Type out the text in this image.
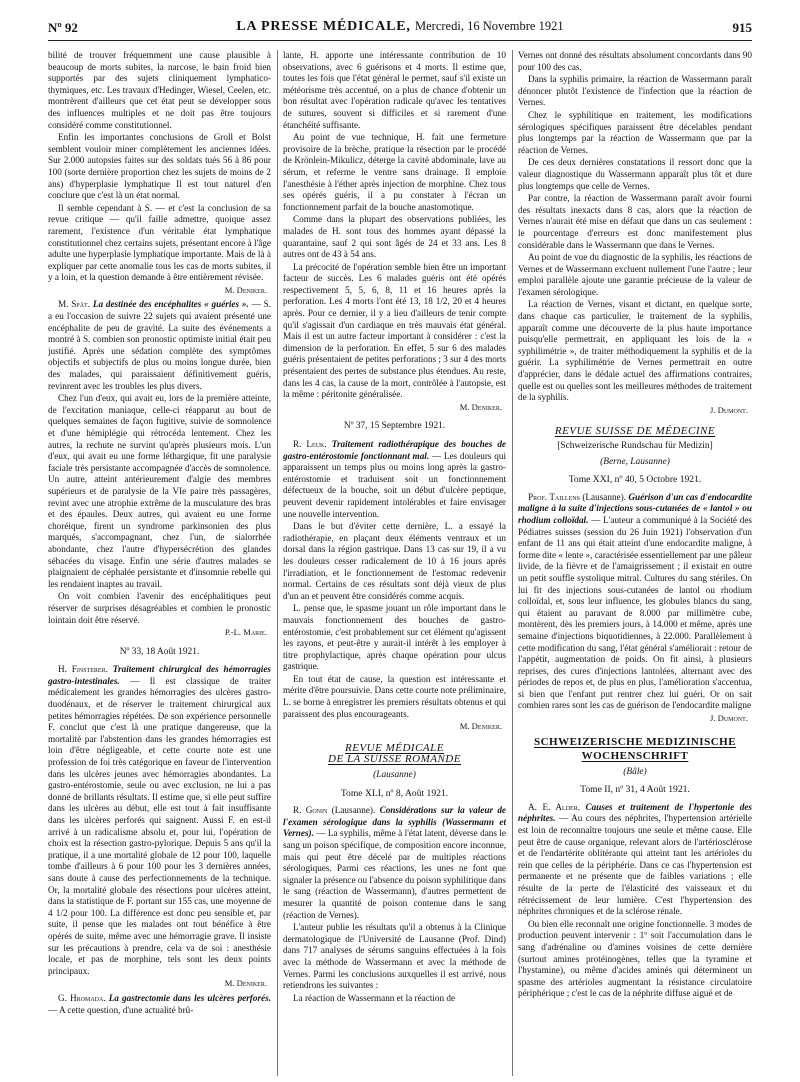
Nº 92	LA PRESSE MÉDICALE, Mercredi, 16 Novembre 1921	915

bilité de trouver fréquemment une cause plausible à beaucoup de morts subites, la narcose, le bain froid bien supportés par des sujets cliniquement lymphatico-thymiques, etc. Les travaux d'Hedinger, Wiesel, Ceelen, etc. montrèrent d'ailleurs que cet état peut se développer sous des influences multiples et ne doit pas être toujours considéré comme constitutionnel.

Enfin les importantes conclusions de Groll et Bolst semblent vouloir miner complètement les anciennes idées. Sur 2.000 autopsies faites sur des soldats tués 56 à 86 pour 100 (sorte dernière proportion chez les sujets de moins de 2 ans) d'hyperplasie lymphatique Il est tout naturel d'en conclure que c'est là un état normal.

Il semble cependant à S. — et c'est la conclusion de sa revue critique — qu'il faille admettre, quoique assez rarement, l'existence d'un véritable état lymphatique constitutionnel chez certains sujets, présentant encore à l'âge adulte une hyperplasie lymphatique importante. Mais de là à expliquer par cette anomalie tous les cas de morts subites, il y a loin, et la question demande à être entièrement révisée.

M. Deniker.

M. Spät. La destinée des encéphalites « guéries ». — S. a eu l'occasion de suivre 22 sujets qui avaient présenté une encéphalite de peu de gravité. La suite des événements a montré à S. combien son pronostic optimiste initial était peu justifié. Après une sédation complète des symptômes objectifs et subjectifs de plus ou moins longue durée, bien des malades, qui paraissaient définitivement guéris, revinrent avec les troubles les plus divers.

Chez l'un d'eux, qui avait eu, lors de la première atteinte, de l'excitation maniaque, celle-ci réapparut au bout de quelques semaines de façon fugitive, suivie de somnolence et d'une hémiplégie qui rétrocéda lentement. Chez les autres, la rechute ne survint qu'après plusieurs mois. L'un d'eux, qui avait eu une forme léthargique, fit une paralysie faciale très persistante accompagnée d'accès de somnolence. Un autre, atteint antérieurement d'algie des membres supérieurs et de paralysie de la VIe paire très passagères, revint avec une atrophie extrême de la musculature des bras et des épaules. Deux autres, qui avaient eu une forme choréique, firent un syndrome parkinsonien des plus marqués, s'accompagnant, chez l'un, de sialorrhée abondante, chez l'autre d'hypersécrétion des glandes sébacées du visage. Enfin une série d'autres malades se plaignaient de céphalée persistante et d'insomnie rebelle qui les rendaient inaptes au travail.

On voit combien l'avenir des encéphalitiques peut réserver de surprises désagréables et combien le pronostic lointain doit être réservé.

P.-L. Marie.
Nº 33, 18 Août 1921.

H. Finsterer. Traitement chirurgical des hémorragies gastro-intestinales. — Il est classique de traiter médicalement les grandes hémorragies des ulcères gastro-duodénaux, et de réserver le traitement chirurgical aux petites hémorragies répétées. De son expérience personnelle F. conclut que c'est là une pratique dangereuse, que la mortalité par l'abstention dans les grandes hémorragies est loin d'être négligeable, et cette courte note est une profession de foi très catégorique en faveur de l'intervention dans les ulcères jeunes avec hémorragies abondantes. La gastro-entérostomie, seule ou avec exclusion, ne lui a pas donné de brillants résultats. Il estime que, si elle peut suffire dans les ulcères au début, elle est tout à fait insuffisante dans les ulcères perforés qui saignent. Aussi F. en est-il arrivé à un radicalisme absolu et, pour lui, l'opération de choix est la résection gastro-pylorique. Depuis 5 ans qu'il la pratique, il a une mortalité globale de 12 pour 100, laquelle tombe d'ailleurs à 6 pour 100 pour les 3 dernières années, sans doute à cause des perfectionnements de la technique. Or, la mortalité globale des résections pour ulcères atteint, dans la statistique de F. portant sur 155 cas, une moyenne de 4 1/2 pour 100. La différence est donc peu sensible et, par suite, il pense que les malades ont tout bénéfice à être opérés de suite, même avec une hémorragie grave. Il insiste sur les précautions à prendre, cela va de soi : anesthésie locale, et pas de morphine, tels sont les deux points principaux.

M. Deniker.

G. Hromada. La gastrectomie dans les ulcères perforés. — A cette question, d'une actualité brû-

lante, H. apporte une intéressante contribution de 10 observations, avec 6 guérisons et 4 morts. Il estime que, toutes les fois que l'état général le permet, sauf s'il existe un météorisme très accentué, on a plus de chance d'obtenir un bon résultat avec l'opération radicale qu'avec les tentatives de sutures, souvent si difficiles et si rarement d'une étanchéité suffisante.

Au point de vue technique, H. fait une fermeture provisoire de la brèche, pratique la résection par le procédé de Krönlein-Mikulicz, déterge la cavité abdominale, lave au sérum, et referme le ventre sans drainage. Il emploie l'anesthésie à l'éther après injection de morphine. Chez tous ses opérés guéris, il a pu constater à l'écran un fonctionnement parfait de la bouche anastomotique.

Comme dans la plupart des observations publiées, les malades de H. sont tous des hommes ayant dépassé la quarantaine, sauf 2 qui sont âgés de 24 et 33 ans. Les 8 autres ont de 43 à 54 ans.

La précocité de l'opération semble bien être un important facteur de succès. Les 6 malades guéris ont été opérés respectivement 5, 5, 6, 8, 11 et 16 heures après la perforation. Les 4 morts l'ont été 13, 18 1/2, 20 et 4 heures après. Pour ce dernier, il y a lieu d'ailleurs de tenir compte qu'il s'agissait d'un cardiaque en très mauvais état général. Mais il est un autre facteur important à considérer : c'est la dimension de la perforation. En effet, 5 sur 6 des malades guéris présentaient de petites perforations ; 3 sur 4 des morts présentaient des pertes de substance plus étendues. Au reste, dans les 4 cas, la cause de la mort, contrôlée à l'autopsie, est la même : péritonite généralisée.

M. Deniker.
Nº 37, 15 Septembre 1921.

R. Leuk. Traitement radiothérapique des bouches de gastro-entérostomie fonctionnant mal. — Les douleurs qui apparaissent un temps plus ou moins long après la gastro-entérostomie et traduisent soit un fonctionnement défectueux de la bouche, soit un début d'ulcère peptique, peuvent devenir rapidement intolérables et faire envisager une nouvelle intervention.

Dans le but d'éviter cette dernière, L. a essayé la radiothérapie, en plaçant deux éléments ventraux et un dorsal dans la région gastrique. Dans 13 cas sur 19, il a vu les douleurs cesser radicalement de 10 à 16 jours après l'irradiation, et le fonctionnement de l'estomac redevenir normal. Certains de ces résultats sont déjà vieux de plus d'un an et peuvent être considérés comme acquis.

L. pense que, le spasme jouant un rôle important dans le mauvais fonctionnement des bouches de gastro-entérostomie, c'est probablement sur cet élément qu'agissent les rayons, et peut-être y aurait-il intérêt à les employer à titre prophylactique, après chaque opération pour ulcus gastrique.

En tout état de cause, la question est intéressante et mérite d'être poursuivie. Dans cette courte note préliminaire, L. se borne à enregistrer les premiers résultats obtenus et qui paraissent des plus encourageants.

M. Deniker.
REVUE MÉDICALE
DE LA SUISSE ROMANDE
(Lausanne)
Tome XLI, nº 8, Août 1921.

R. Gonin (Lausanne). Considérations sur la valeur de l'examen sérologique dans la syphilis (Wassermann et Vernes). — La syphilis, même à l'état latent, déverse dans le sang un poison spécifique, de composition encore inconnue, mais qui peut être décelé par de multiples réactions sérologiques. Parmi ces réactions, les unes ne font que signaler la présence ou l'absence du poison syphilitique dans le sang (réaction de Wassermann), d'autres permettent de mesurer la quantité de poison contenue dans le sang (réaction de Vernes).

L'auteur publie les résultats qu'il a obtenus à la Clinique dermatologique de l'Université de Lausanne (Prof. Dind) dans 717 analyses de sérums sanguins effectuées à la fois avec la méthode de Wassermann et avec la méthode de Vernes. Parmi les conclusions auxquelles il est arrivé, nous retiendrons les suivantes :

La réaction de Wassermann et la réaction de

Vernes ont donné des résultats absolument concordants dans 90 pour 100 des cas.

Dans la syphilis primaire, la réaction de Wassermann paraît dénoncer plutôt l'existence de l'infection que la réaction de Vernes.

Chez le syphilitique en traitement, les modifications sérologiques spécifiques paraissent être décelables pendant plus longtemps par la réaction de Wassermann que par la réaction de Vernes.

De ces deux dernières constatations il ressort donc que la valeur diagnostique du Wassermann apparaît plus tôt et dure plus longtemps que celle de Vernes.

Par contre, la réaction de Wassermann paraît avoir fourni des résultats inexacts dans 8 cas, alors que la réaction de Vernes n'aurait été mise en défaut que dans un cas seulement : le pourcentage d'erreurs est donc manifestement plus considérable dans le Wassermann que dans le Vernes.

Au point de vue du diagnostic de la syphilis, les réactions de Vernes et de Wassermann excluent nullement l'une l'autre ; leur emploi parallèle ajoute une garantie précieuse de la valeur de l'examen sérologique.

La réaction de Vernes, visant et dictant, en quelque sorte, dans chaque cas particulier, le traitement de la syphilis, apparaît comme une découverte de la plus haute importance puisqu'elle permettrait, en appliquant les lois de la « syphilimétrie », de traiter méthodiquement la syphilis et de la guérir. La syphilimétrie de Vernes permettrait en outre d'apprécier, dans le dédale actuel des affirmations contraires, quelle est ou quelles sont les meilleures méthodes de traitement de la syphilis.

J. Dumont.
REVUE SUISSE DE MÉDECINE
[Schweizerische Rundschau für Medizin]
(Berne, Lausanne)
Tome XXI, nº 40, 5 Octobre 1921.

Prof. Taillens (Lausanne). Guérison d'un cas d'endocardite maligne à la suite d'injections sous-cutanées de « lantol » ou rhodium colloïdal. — L'auteur a communiqué à la Société des Pédiatres suisses (session du 26 Juin 1921) l'observation d'un enfant de 11 ans qui était atteint d'une endocardite maligne, à forme dite « lente », caractérisée essentiellement par une pâleur livide, de la fièvre et de l'amaigrissement ; il existait en outre un petit souffle systolique mitral. Cultures du sang stériles. On lui fit des injections sous-cutanées de lantol ou rhodium colloïdal, et, sous leur influence, les globules blancs du sang, qui étaient au paravant de 8.000 par millimètre cube, montèrent, dès les premiers jours, à 14.000 et même, après une semaine d'injections biquotidiennes, à 22.000. Parallèlement à cette modification du sang, l'état général s'améliorait : retour de l'appétit, augmentation de poids. On fit ainsi, à plusieurs reprises, des cures d'injections lantolées, alternant avec des périodes de repos et, de plus en plus, l'amélioration s'accentua, si bien que l'enfant put rentrer chez lui guéri. Or on sait combien rares sont les cas de guérison de l'endocardite maligne

J. Dumont.
SCHWEIZERISCHE MEDIZINISCHE
WOCHENSCHRIFT
(Bâle)
Tome II, nº 31, 4 Août 1921.

A. E. Alder. Causes et traitement de l'hypertonie des néphrites. — Au cours des néphrites, l'hypertension artérielle est loin de reconnaître toujours une seule et même cause. Elle peut être de cause organique, relevant alors de l'artériosclérose et de l'endartérite oblitérante qui atteint tant les artérioles du rein que celles de la périphérie. Dans ce cas l'hypertension est permanente et ne présente que de faibles variations ; elle résulte de la perte de l'élasticité des vaisseaux et du rétrécissement de leur lumière. C'est l'hypertension des néphrites chroniques et de la sclérose rénale.

Ou bien elle reconnaît une origine fonctionnelle. 3 modes de production peuvent intervenir : 1º soit l'accumulation dans le sang d'adrénaline ou d'amines voisines de cette dernière (surtout amines protéinogènes, telles que la tyramine et l'hystamine), ou même d'acides aminés qui déterminent un spasme des artérioles augmentant la résistance circulatoire périphérique ; c'est le cas de la néphrite diffuse aiguë et de
